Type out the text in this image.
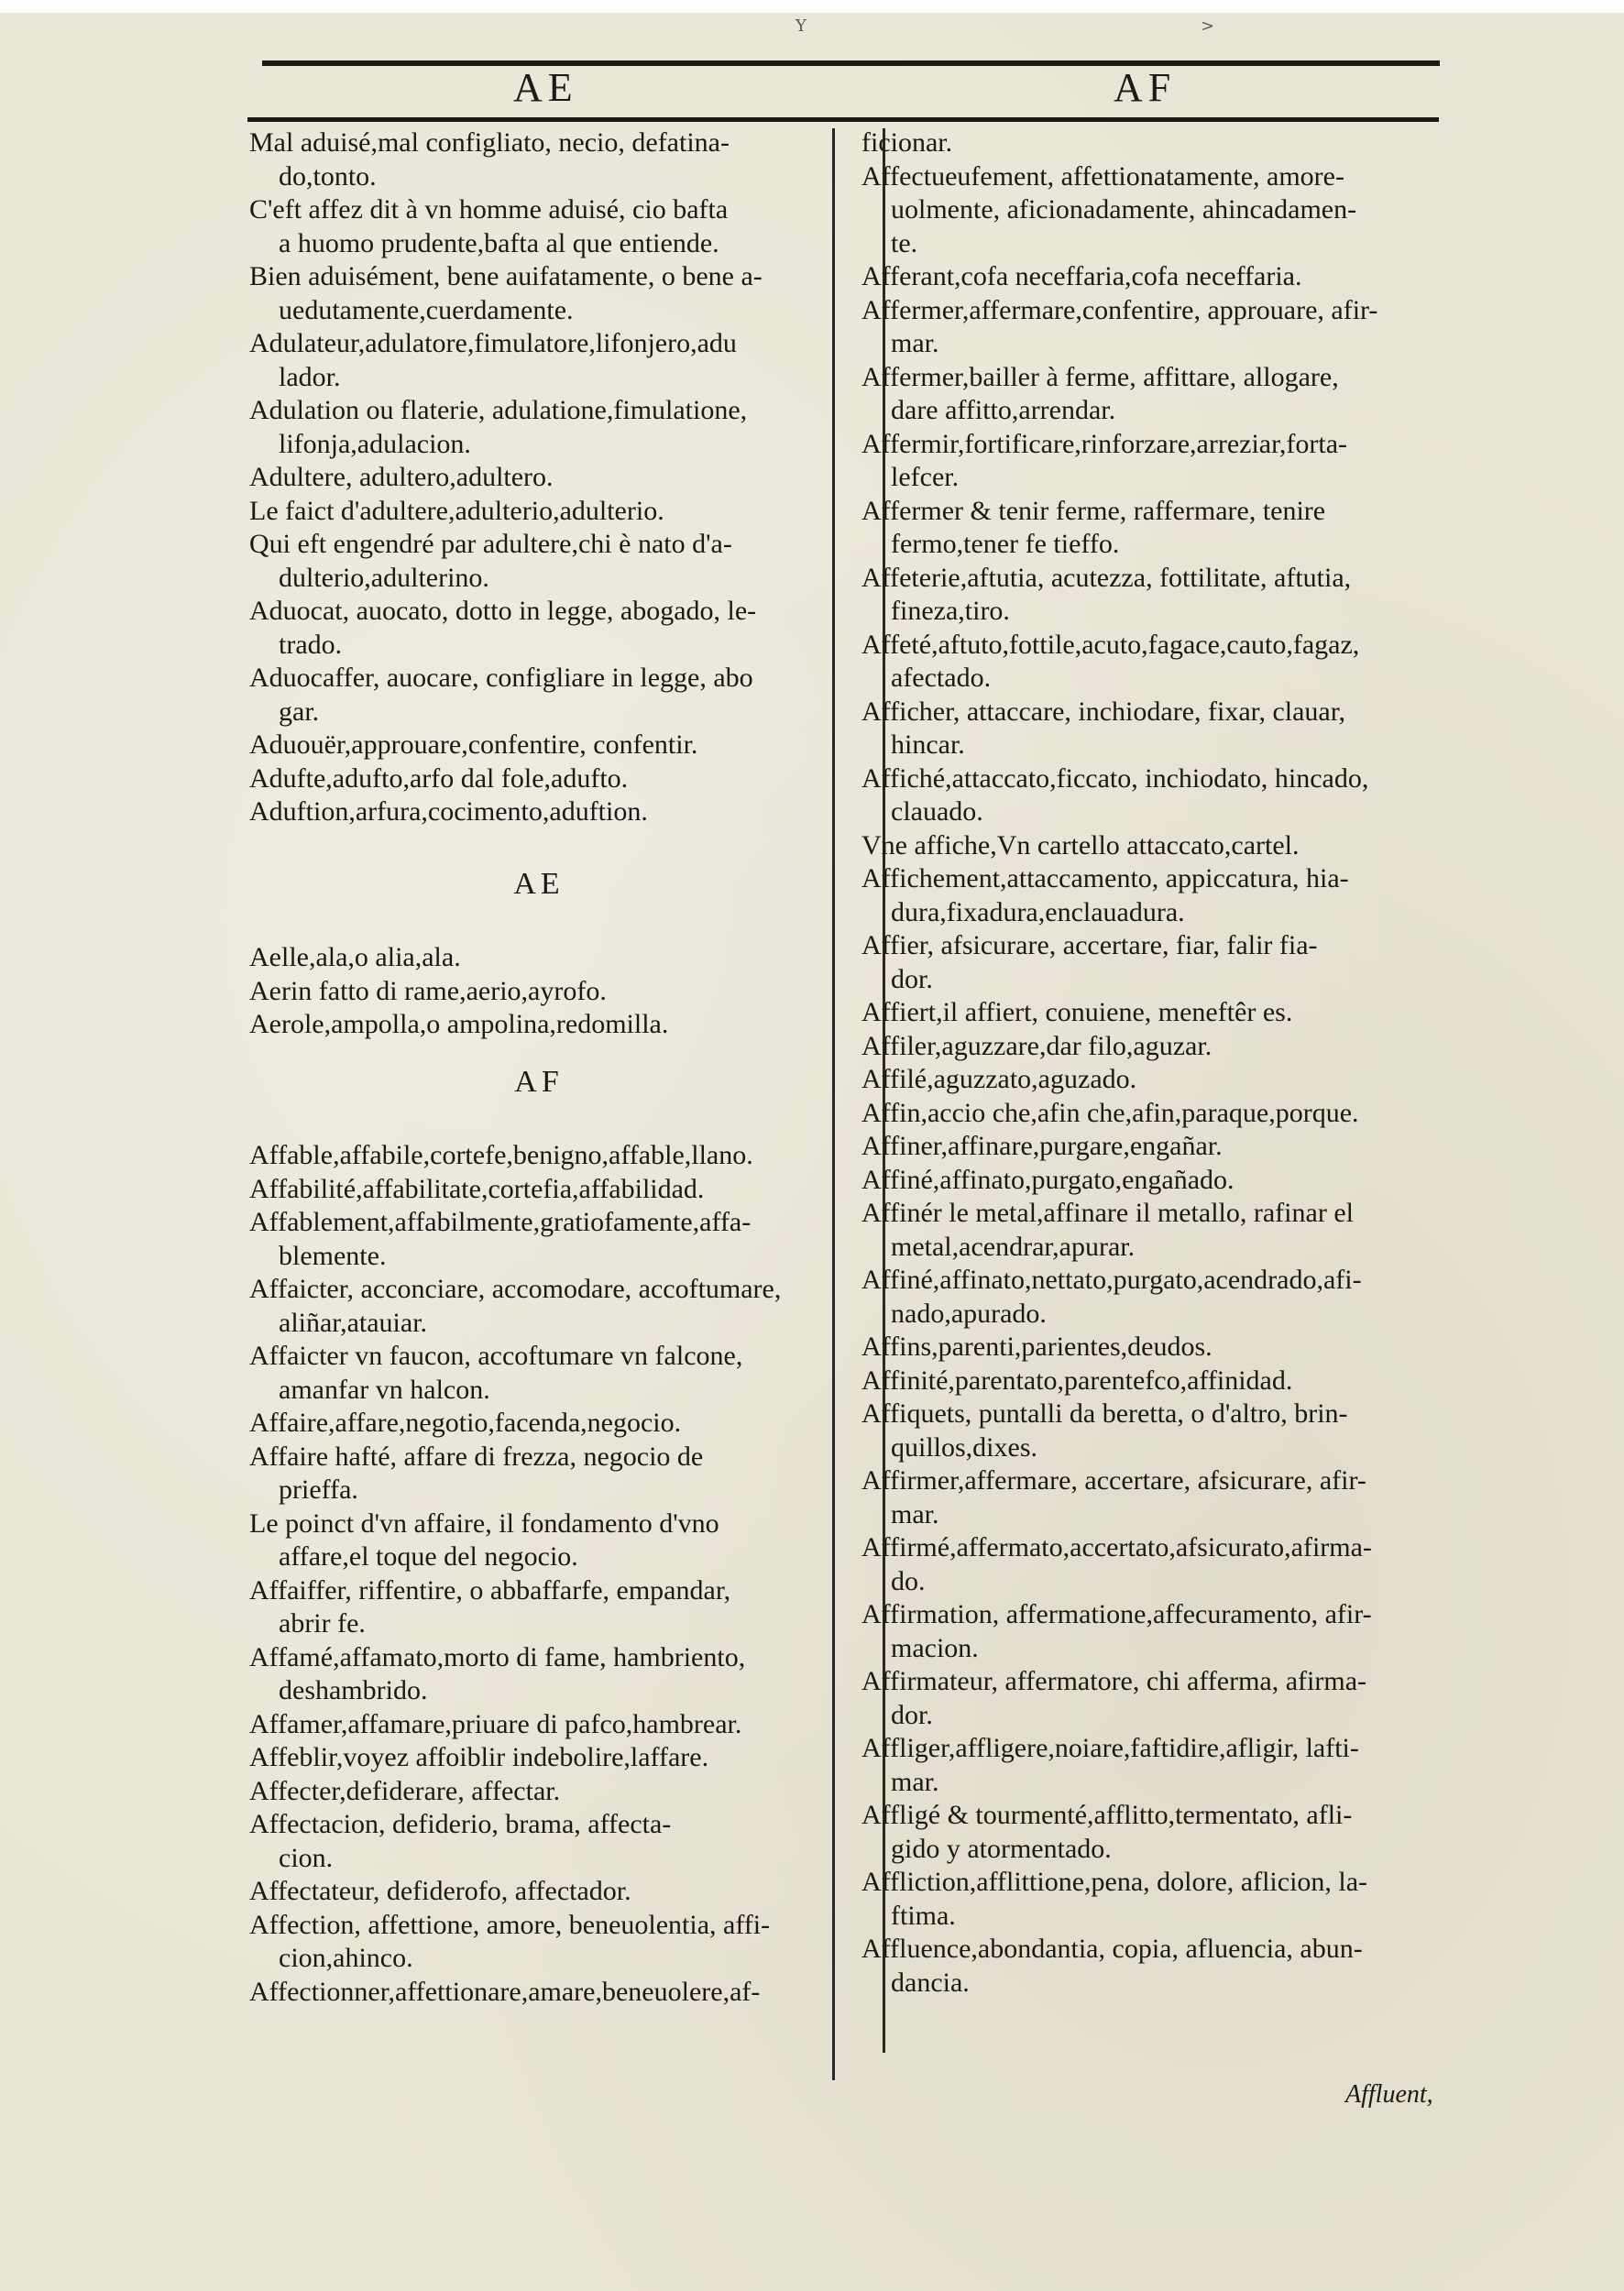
Y	>
AE	AF
Mal aduisé,mal configliato, necio, defatina-
do,tonto.
C'eft affez dit à vn homme aduisé, cio bafta
a huomo prudente,bafta al que entiende.
Bien aduisément, bene auifatamente, o bene a-
uedutamente,cuerdamente.
Adulateur,adulatore,fimulatore,lifonjero,adu
lador.
Adulation ou flaterie, adulatione,fimulatione,
lifonja,adulacion.
Adultere, adultero,adultero.
Le faict d'adultere,adulterio,adulterio.
Qui eft engendré par adultere,chi è nato d'a-
dulterio,adulterino.
Aduocat, auocato, dotto in legge, abogado, le-
trado.
Aduocaffer, auocare, configliare in legge, abo
gar.
Aduouër,approuare,confentire, confentir.
Adufte,adufto,arfo dal fole,adufto.
Aduftion,arfura,cocimento,aduftion.
AE
Aelle,ala,o alia,ala.
Aerin fatto di rame,aerio,ayrofo.
Aerole,ampolla,o ampolina,redomilla.
AF
Affable,affabile,cortefe,benigno,affable,llano.
Affabilité,affabilitate,cortefia,affabilidad.
Affablement,affabilmente,gratiofamente,affa-
blemente.
Affaicter, acconciare, accomodare, accoftumare,
aliñar,atauiar.
Affaicter vn faucon, accoftumare vn falcone,
amanfar vn halcon.
Affaire,affare,negotio,facenda,negocio.
Affaire hafté, affare di frezza, negocio de
prieffa.
Le poinct d'vn affaire, il fondamento d'vno
affare,el toque del negocio.
Affaiffer, riffentire, o abbaffarfe, empandar,
abrir fe.
Affamé,affamato,morto di fame, hambriento,
deshambrido.
Affamer,affamare,priuare di pafco,hambrear.
Affeblir,voyez affoiblir indebolire,laffare.
Affecter,defiderare, affectar.
Affectacion, defiderio, brama, affecta-
cion.
Affectateur, defiderofo, affectador.
Affection, affettione, amore, beneuolentia, affi-
cion,ahinco.
Affectionner,affettionare,amare,beneuolere,af-
ficionar.
Affectueufement, affettionatamente, amore-
uolmente, aficionadamente, ahincadamen-
te.
Afferant,cofa neceffaria,cofa neceffaria.
Affermer,affermare,confentire, approuare, afir-
mar.
Affermer,bailler à ferme, affittare, allogare,
dare affitto,arrendar.
Affermir,fortificare,rinforzare,arreziar,forta-
lefcer.
Affermer & tenir ferme, raffermare, tenire
fermo,tener fe tieffo.
Affeterie,aftutia, acutezza, fottilitate, aftutia,
fineza,tiro.
Affeté,aftuto,fottile,acuto,fagace,cauto,fagaz,
afectado.
Afficher, attaccare, inchiodare, fixar, clauar,
hincar.
Affiché,attaccato,ficcato, inchiodato, hincado,
clauado.
Vne affiche,Vn cartello attaccato,cartel.
Affichement,attaccamento, appiccatura, hia-
dura,fixadura,enclauadura.
Affier, afsicurare, accertare, fiar, falir fia-
dor.
Affiert,il affiert, conuiene, meneftêr es.
Affiler,aguzzare,dar filo,aguzar.
Affilé,aguzzato,aguzado.
Affin,accio che,afin che,afin,paraque,porque.
Affiner,affinare,purgare,engañar.
Affiné,affinato,purgato,engañado.
Affinér le metal,affinare il metallo, rafinar el
metal,acendrar,apurar.
Affiné,affinato,nettato,purgato,acendrado,afi-
nado,apurado.
Affins,parenti,parientes,deudos.
Affinité,parentato,parentefco,affinidad.
Affiquets, puntalli da beretta, o d'altro, brin-
quillos,dixes.
Affirmer,affermare, accertare, afsicurare, afir-
mar.
Affirmé,affermato,accertato,afsicurato,afirma-
do.
Affirmation, affermatione,affecuramento, afir-
macion.
Affirmateur, affermatore, chi afferma, afirma-
dor.
Affliger,affligere,noiare,faftidire,afligir, lafti-
mar.
Affligé & tourmenté,afflitto,termentato, afli-
gido y atormentado.
Affliction,afflittione,pena, dolore, aflicion, la-
ftima.
Affluence,abondantia, copia, afluencia, abun-
dancia.
Affluent,
